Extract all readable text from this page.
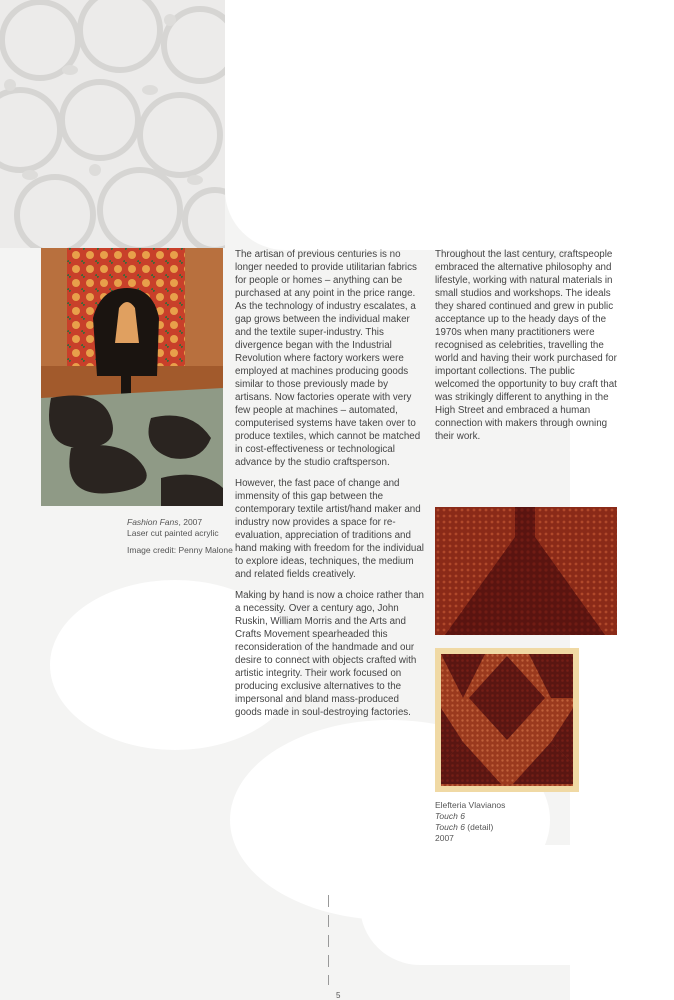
Fashion Fans, 2007
Laser cut painted acrylic
Image credit: Penny Malone

The artisan of previous centuries is no longer needed to provide utilitarian fabrics for people or homes – anything can be purchased at any point in the price range. As the technology of industry escalates, a gap grows between the individual maker and the textile super-industry. This divergence began with the Industrial Revolution where factory workers were employed at machines producing goods similar to those previously made by artisans. Now factories operate with very few people at machines – automated, computerised systems have taken over to produce textiles, which cannot be matched in cost-effectiveness or technological advance by the studio craftsperson.

However, the fast pace of change and immensity of this gap between the contemporary textile artist/hand maker and industry now provides a space for re-evaluation, appreciation of traditions and hand making with freedom for the individual to explore ideas, techniques, the medium and related fields creatively.

Making by hand is now a choice rather than a necessity. Over a century ago, John Ruskin, William Morris and the Arts and Crafts Movement spearheaded this reconsideration of the handmade and our desire to connect with objects crafted with artistic integrity. Their work focused on producing exclusive alternatives to the impersonal and bland mass-produced goods made in soul-destroying factories.

Throughout the last century, craftspeople embraced the alternative philosophy and lifestyle, working with natural materials in small studios and workshops. The ideals they shared continued and grew in public acceptance up to the heady days of the 1970s when many practitioners were recognised as celebrities, travelling the world and having their work purchased for important collections. The public welcomed the opportunity to buy craft that was strikingly different to anything in the High Street and embraced a human connection with makers through owning their work.

Elefteria Vlavianos
Touch 6
Touch 6 (detail)
2007
5
